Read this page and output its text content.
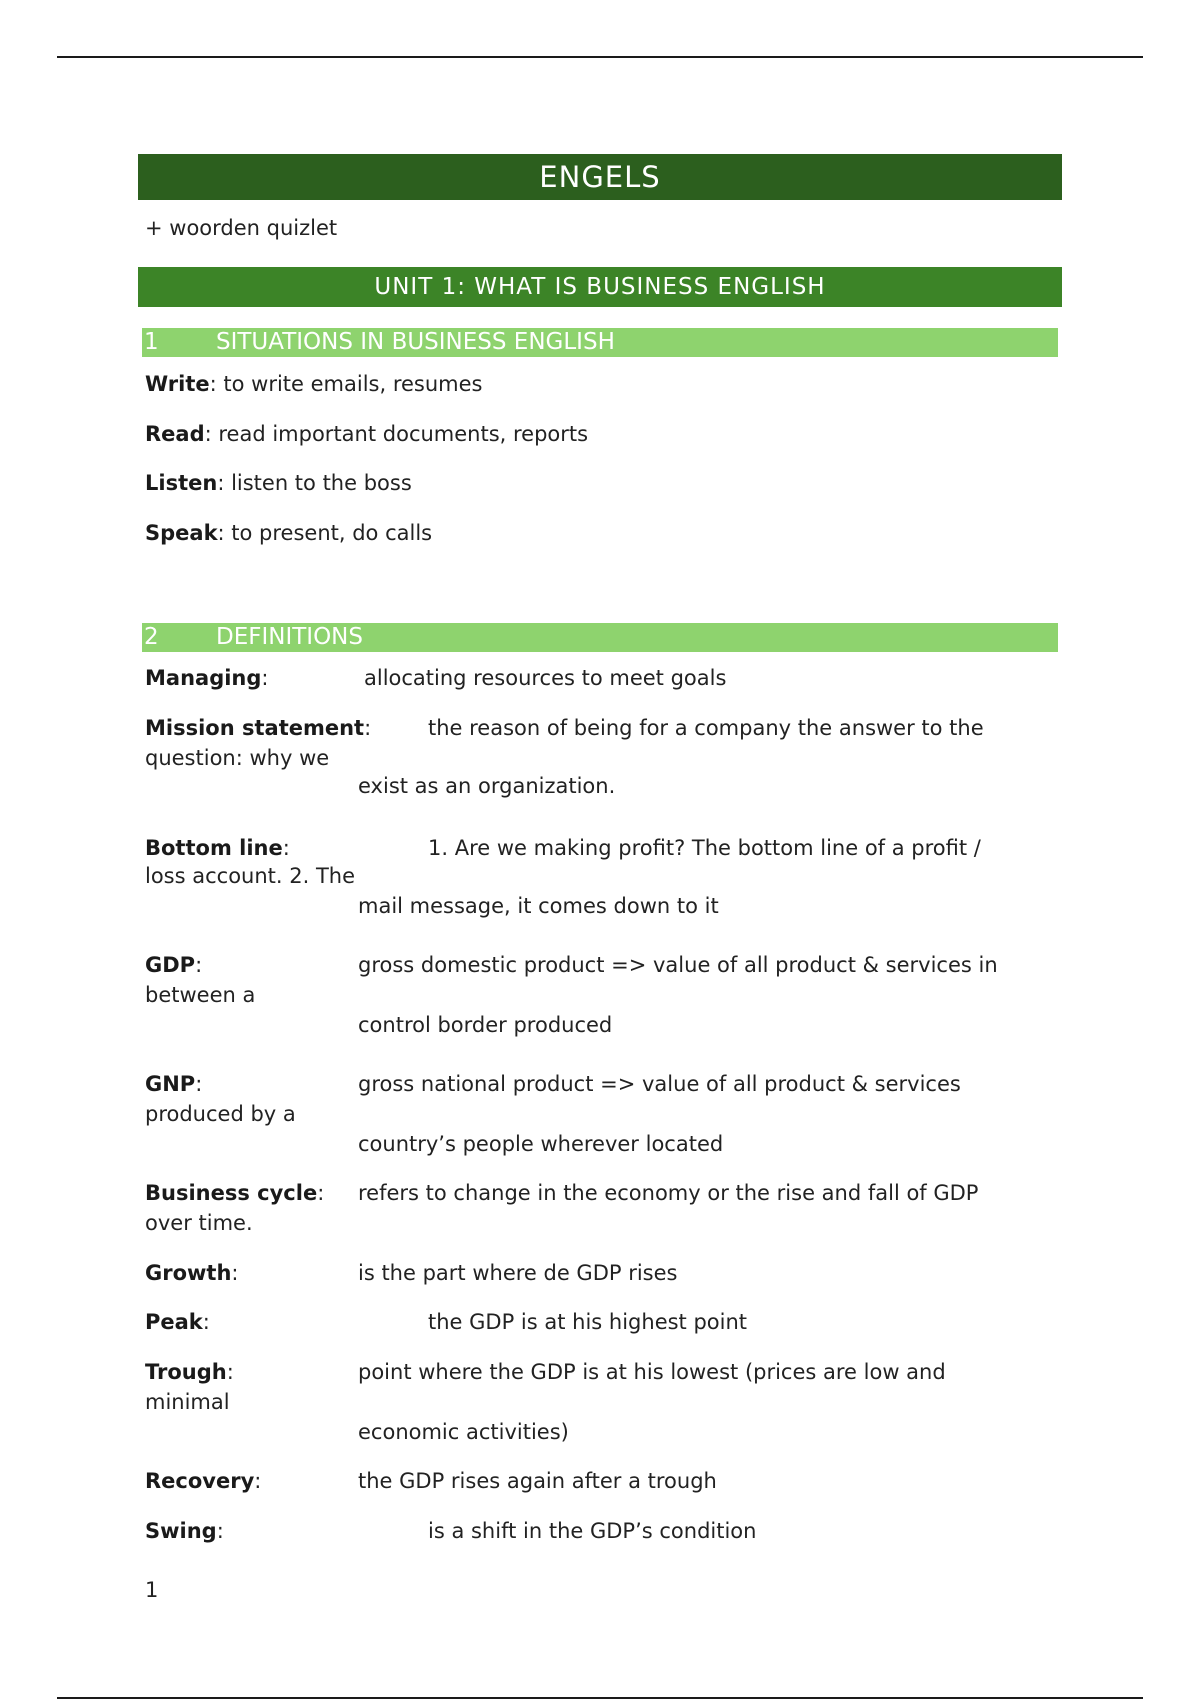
ENGELS
+ woorden quizlet
UNIT 1: WHAT IS BUSINESS ENGLISH
1 SITUATIONS IN BUSINESS ENGLISH
Write: to write emails, resumes
Read: read important documents, reports
Listen: listen to the boss
Speak: to present, do calls
2 DEFINITIONS
Managing:	allocating resources to meet goals
Mission statement:	the reason of being for a company the answer to the
question: why we
exist as an organization.
Bottom line:	1. Are we making profit? The bottom line of a profit /
loss account. 2. The
mail message, it comes down to it
GDP:	gross domestic product => value of all product & services in
between a
control border produced
GNP:	gross national product => value of all product & services
produced by a
country’s people wherever located
Business cycle: refers to change in the economy or the rise and fall of GDP
over time.
Growth:	is the part where de GDP rises
Peak:	the GDP is at his highest point
Trough:	point where the GDP is at his lowest (prices are low and
minimal
economic activities)
Recovery:	the GDP rises again after a trough
Swing:	is a shift in the GDP’s condition
1
